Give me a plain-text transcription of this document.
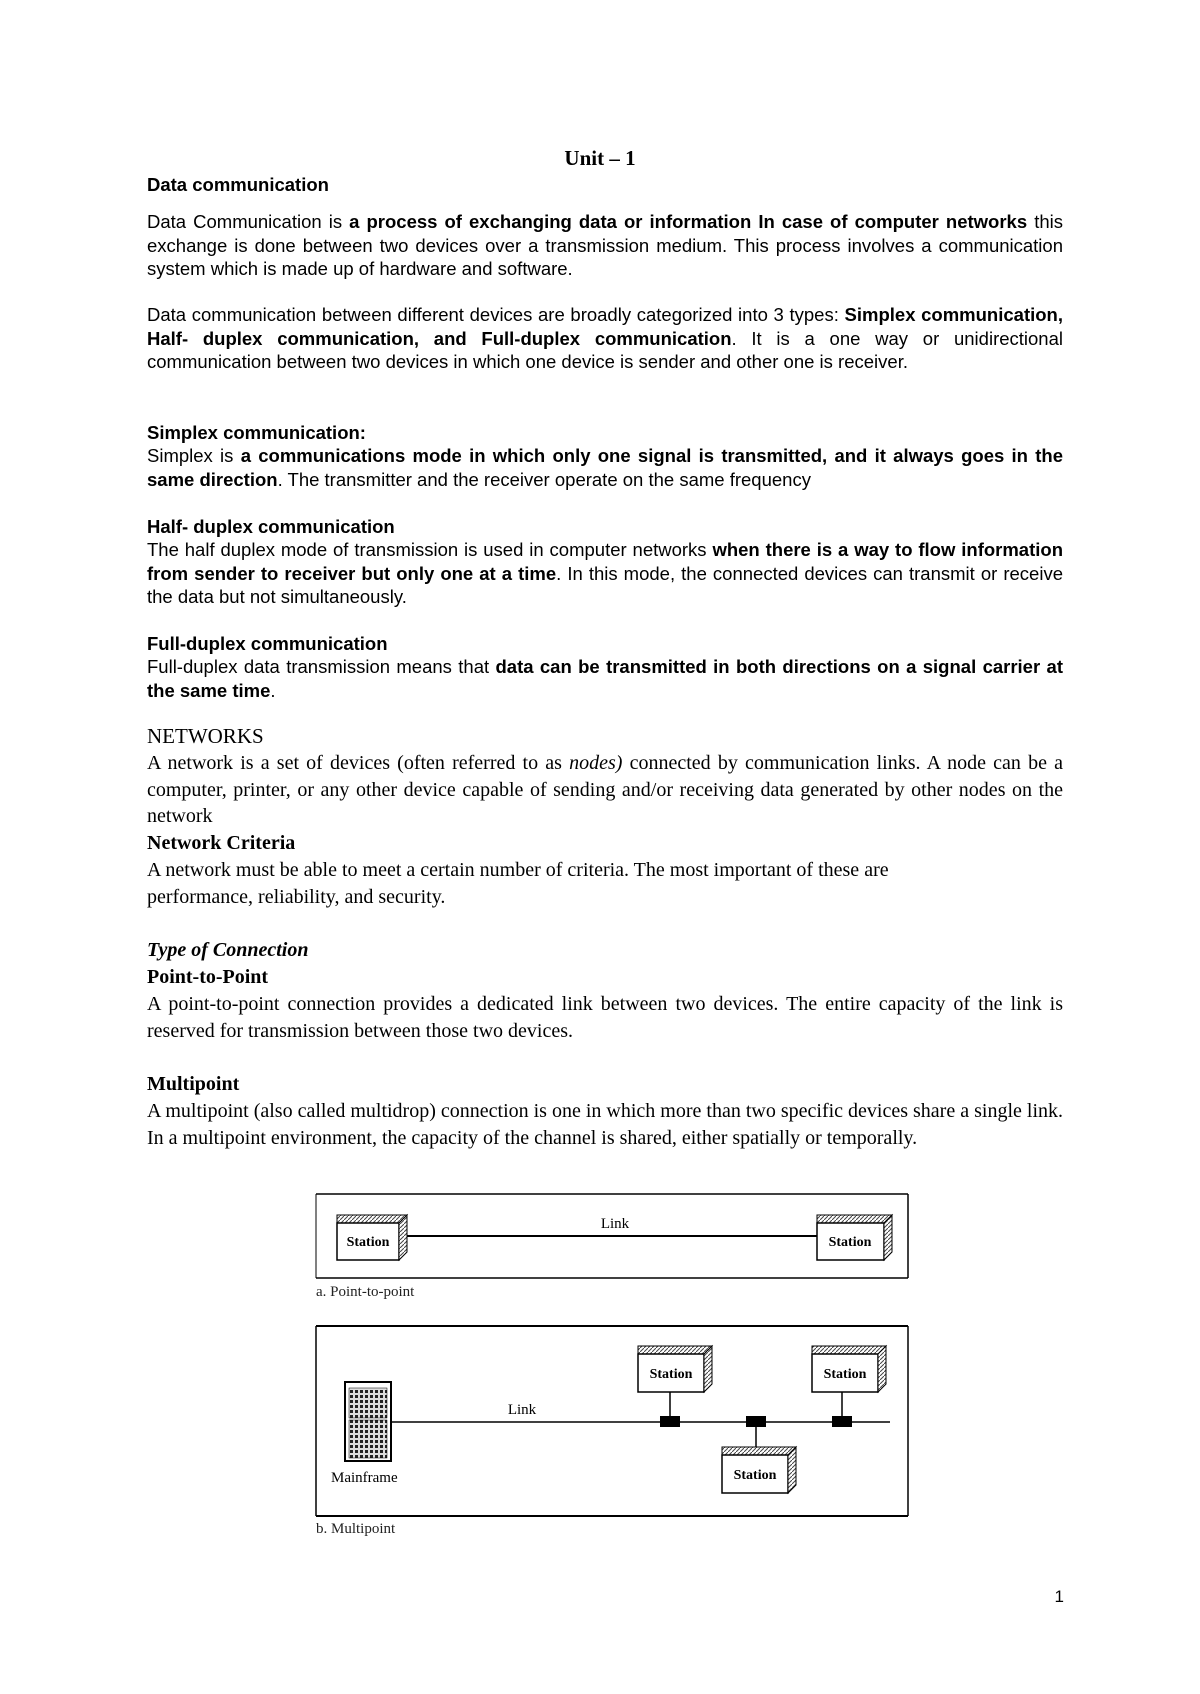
Unit – 1
Data communication

Data Communication is a process of exchanging data or information In case of computer networks this exchange is done between two devices over a transmission medium. This process involves a communication system which is made up of hardware and software.

Data communication between different devices are broadly categorized into 3 types: Simplex communication, Half- duplex communication, and Full-duplex communication. It is a one way or unidirectional communication between two devices in which one device is sender and other one is receiver.

Simplex communication:

Simplex is a communications mode in which only one signal is transmitted, and it always goes in the same direction. The transmitter and the receiver operate on the same frequency

Half- duplex communication

The half duplex mode of transmission is used in computer networks when there is a way to flow information from sender to receiver but only one at a time. In this mode, the connected devices can transmit or receive the data but not simultaneously.

Full-duplex communication

Full-duplex data transmission means that data can be transmitted in both directions on a signal carrier at the same time.

NETWORKS

A network is a set of devices (often referred to as nodes) connected by communication links. A node can be a computer, printer, or any other device capable of sending and/or receiving data generated by other nodes on the network

Network Criteria
A network must be able to meet a certain number of criteria. The most important of these are
performance, reliability, and security.
Type of Connection
Point-to-Point

A point-to-point connection provides a dedicated link between two devices. The entire capacity of the link is reserved for transmission between those two devices.

Multipoint

A multipoint (also called multidrop) connection is one in which more than two specific devices share a single link. In a multipoint environment, the capacity of the channel is shared, either spatially or temporally.

Station
Link
Station
a. Point-to-point
Mainframe
Link
Station	Station
Station
b. Multipoint
1
